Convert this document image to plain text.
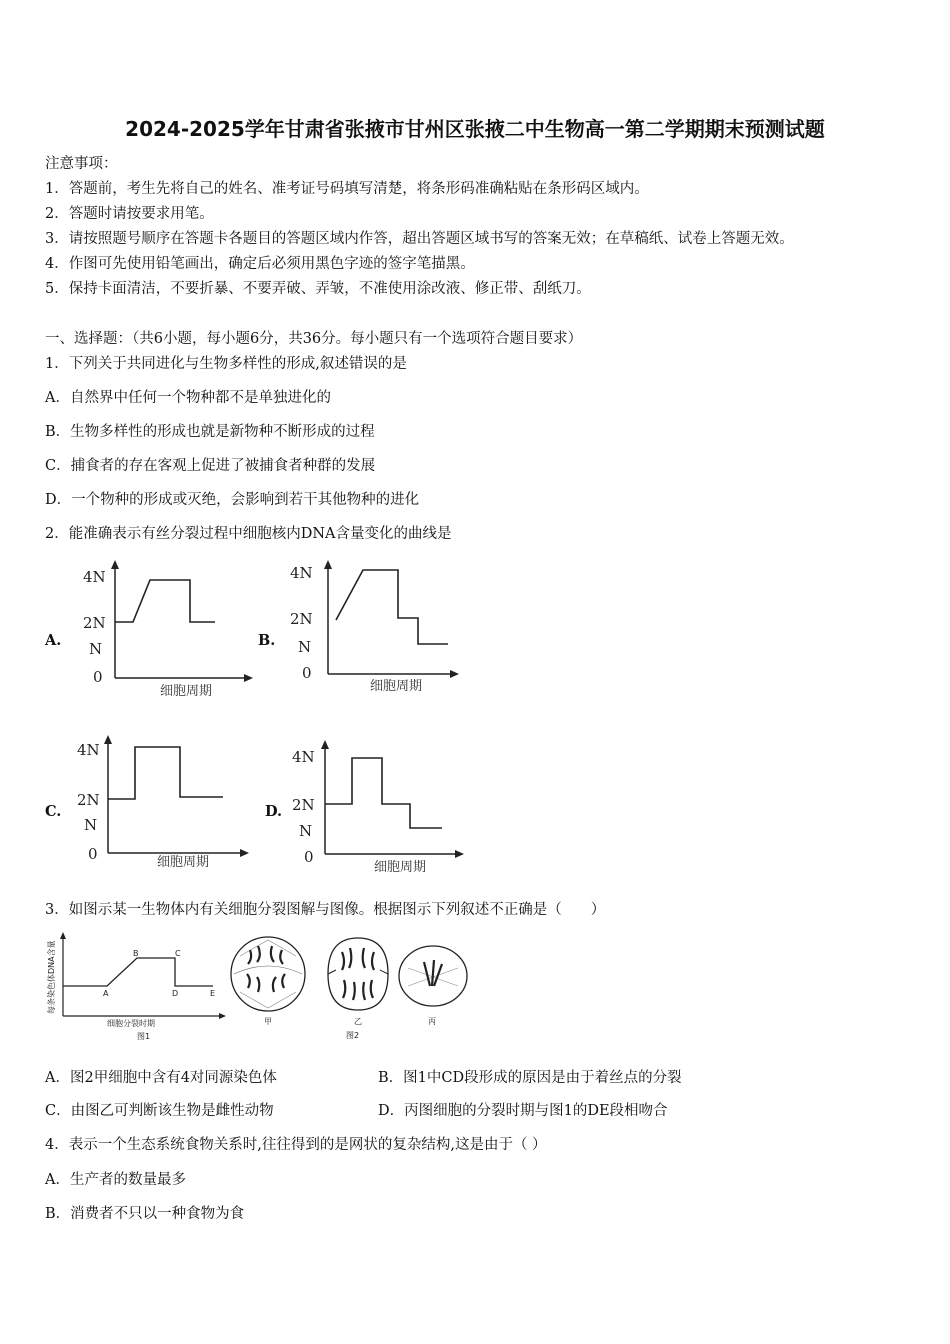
2024-2025学年甘肃省张掖市甘州区张掖二中生物高一第二学期期末预测试题
注意事项：
1．答题前，考生先将自己的姓名、准考证号码填写清楚，将条形码准确粘贴在条形码区域内。
2．答题时请按要求用笔。
3．请按照题号顺序在答题卡各题目的答题区域内作答，超出答题区域书写的答案无效；在草稿纸、试卷上答题无效。
4．作图可先使用铅笔画出，确定后必须用黑色字迹的签字笔描黑。
5．保持卡面清洁，不要折暴、不要弄破、弄皱，不准使用涂改液、修正带、刮纸刀。
一、选择题：（共6小题，每小题6分，共36分。每小题只有一个选项符合题目要求）
1．下列关于共同进化与生物多样性的形成,叙述错误的是
A．自然界中任何一个物种都不是单独进化的
B．生物多样性的形成也就是新物种不断形成的过程
C．捕食者的存在客观上促进了被捕食者种群的发展
D．一个物种的形成或灭绝，会影响到若干其他物种的进化
2．能准确表示有丝分裂过程中细胞核内DNA含量变化的曲线是
A.	B.
C.	D.
4N
2N
N
0
细胞周期
4N
2N
N
0
细胞周期
4N
2N
N
0	细胞周期
4N
2N
N
0
细胞周期
3．如图示某一生物体内有关细胞分裂图解与图像。根据图示下列叙述不正确是（　　）
每条染色体DNA含量	A
B	C
D	E
细胞分裂时期
图1
甲	乙	丙
图2
A．图2甲细胞中含有4对同源染色体	B．图1中CD段形成的原因是由于着丝点的分裂
C．由图乙可判断该生物是雌性动物	D．丙图细胞的分裂时期与图1的DE段相吻合
4．表示一个生态系统食物关系时,往往得到的是网状的复杂结构,这是由于（ ）
A．生产者的数量最多
B．消费者不只以一种食物为食
